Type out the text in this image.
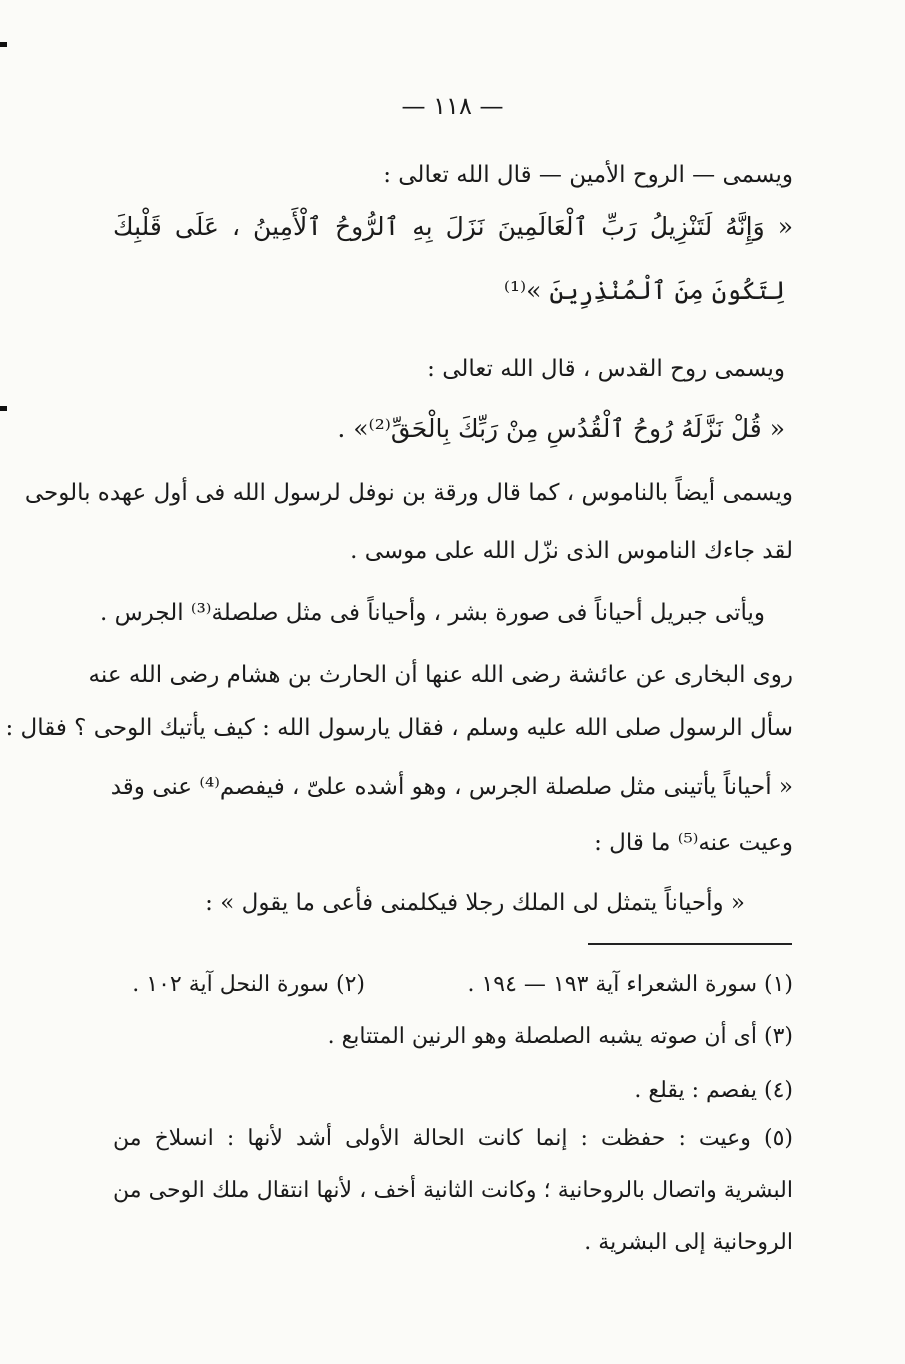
— ١١٨ —
ويسمى — الروح الأمين — قال الله تعالى :
« وَإِنَّهُ لَتَنْزِيلُ رَبِّ ٱلْعَالَمِينَ نَزَلَ بِهِ ٱلرُّوحُ ٱلْأَمِينُ ، عَلَى قَلْبِكَ
لِتَكُونَ مِنَ ٱلْمُنْذِرِينَ »⁽¹⁾
ويسمى روح القدس ، قال الله تعالى :
« قُلْ نَزَّلَهُ رُوحُ ٱلْقُدُسِ مِنْ رَبِّكَ بِالْحَقِّ⁽²⁾» .
ويسمى أيضاً بالناموس ، كما قال ورقة بن نوفل لرسول الله فى أول عهده بالوحى
لقد جاءك الناموس الذى نزّل الله على موسى .
ويأتى جبريل أحياناً فى صورة بشر ، وأحياناً فى مثل صلصلة⁽³⁾ الجرس .
روى البخارى عن عائشة رضى الله عنها أن الحارث بن هشام رضى الله عنه
سأل الرسول صلى الله عليه وسلم ، فقال يارسول الله : كيف يأتيك الوحى ؟ فقال :
« أحياناً يأتينى مثل صلصلة الجرس ، وهو أشده علىّ ، فيفصم⁽⁴⁾ عنى وقد
وعيت عنه⁽⁵⁾ ما قال :
« وأحياناً يتمثل لى الملك رجلا فيكلمنى فأعى ما يقول » :
(١) سورة الشعراء آية ١٩٣ — ١٩٤ .
(٢) سورة النحل آية ١٠٢ .
(٣) أى أن صوته يشبه الصلصلة وهو الرنين المتتابع .
(٤) يفصم : يقلع .
(٥) وعيت : حفظت : إنما كانت الحالة الأولى أشد لأنها : انسلاخ من
البشرية واتصال بالروحانية ؛ وكانت الثانية أخف ، لأنها انتقال ملك الوحى من
الروحانية إلى البشرية .
